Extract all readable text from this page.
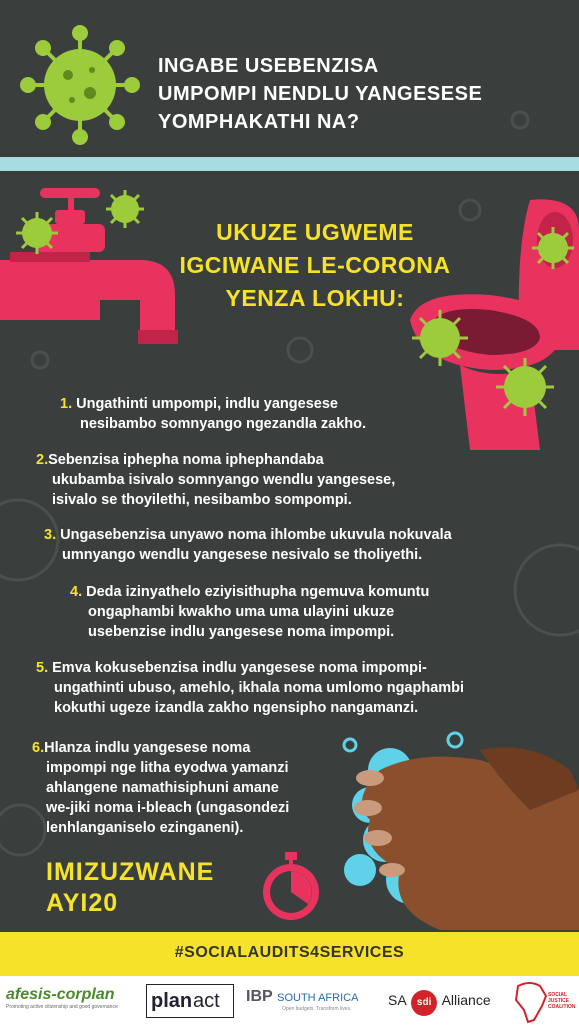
INGABE USEBENZISA
UMPOMPI NENDLU YANGESESE
YOMPHAKATHI NA?
UKUZE UGWEME
IGCIWANE LE-CORONA
YENZA LOKHU:
1. Ungathinti umpompi, indlu yangesese
nesibambo somnyango ngezandla zakho.
2.Sebenzisa iphepha noma iphephandaba
ukubamba isivalo somnyango wendlu yangesese,
isivalo se thoyilethi, nesibambo sompompi.
3. Ungasebenzisa unyawo noma ihlombe ukuvula nokuvala
umnyango wendlu yangesese nesivalo se tholiyethi.
4. Deda izinyathelo eziyisithupha ngemuva komuntu
ongaphambi kwakho uma uma ulayini ukuze
usebenzise indlu yangesese noma impompi.
5. Emva kokusebenzisa indlu yangesese noma impompi-
ungathinti ubuso, amehlo, ikhala noma umlomo ngaphambi
kokuthi ugeze izandla zakho ngensipho nangamanzi.
6.Hlanza indlu yangesese noma
impompi nge litha eyodwa yamanzi
ahlangene namathisiphuni amane
we-jiki noma i-bleach (ungasondezi
lenhlanganiselo ezinganeni).
IMIZUZWANE
AYI20
#SOCIALAUDITS4SERVICES
afesis-corplan
Promoting active citizenship and good governance	plan act IBP SOUTH AFRICA
Open budgets. Transform lives.
SA sdi Alliance	SOCIAL
JUSTICE
COALITION
